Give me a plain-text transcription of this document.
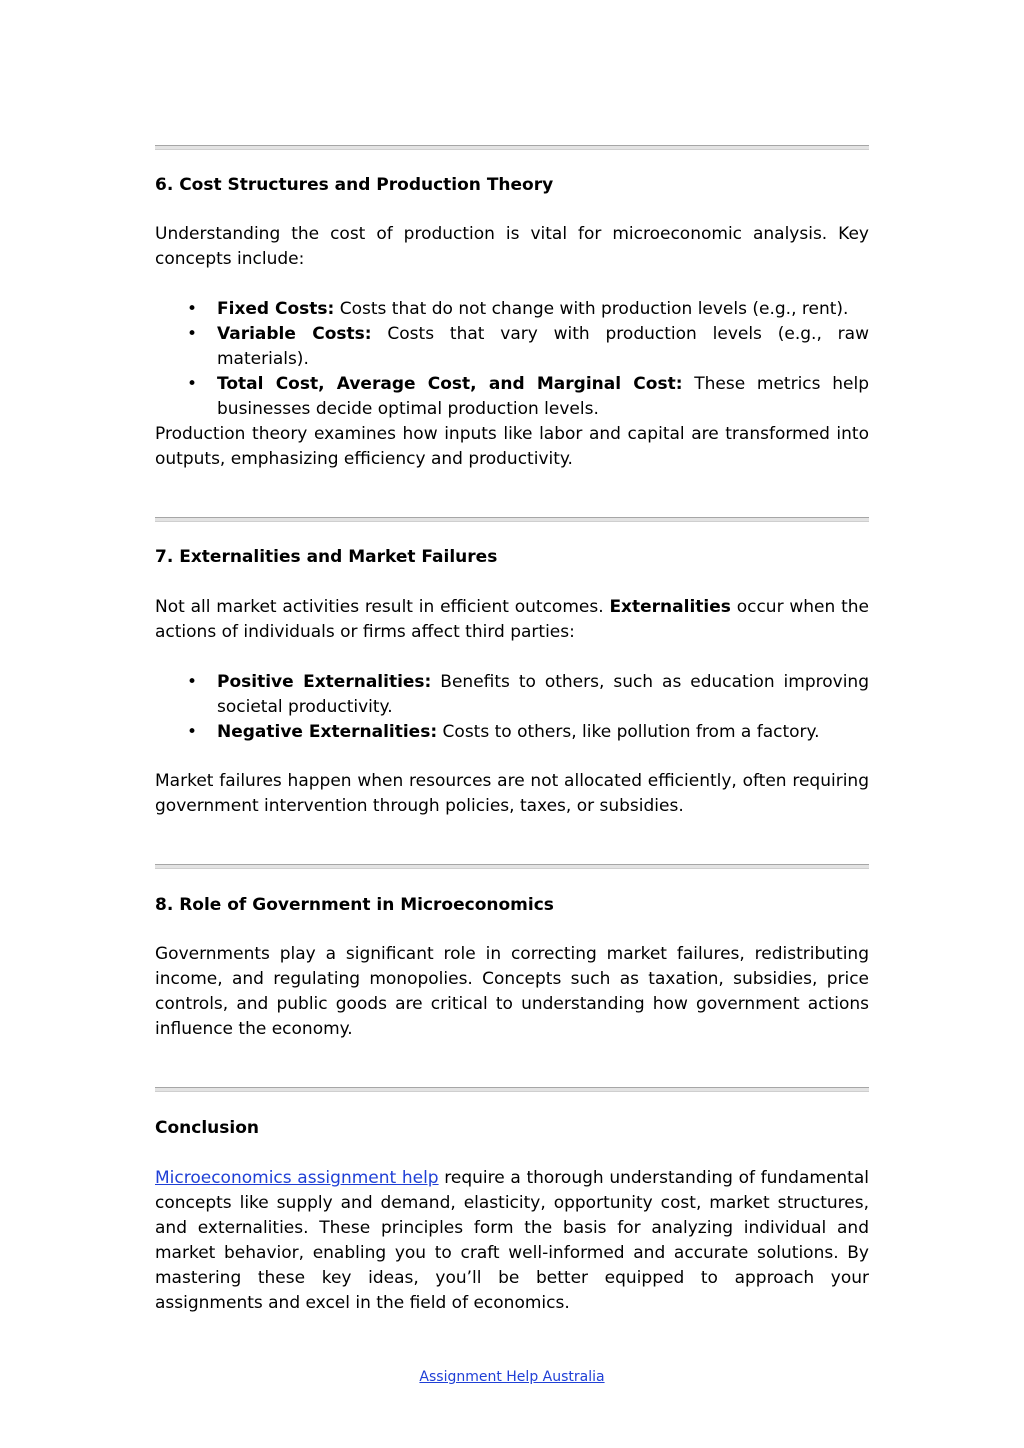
6. Cost Structures and Production Theory

Understanding the cost of production is vital for microeconomic analysis. Key concepts include:

• Fixed Costs: Costs that do not change with production levels (e.g., rent).
• Variable Costs: Costs that vary with production levels (e.g., raw materials).
• Total Cost, Average Cost, and Marginal Cost: These metrics help businesses decide optimal production levels.

Production theory examines how inputs like labor and capital are transformed into outputs, emphasizing efficiency and productivity.

7. Externalities and Market Failures

Not all market activities result in efficient outcomes. Externalities occur when the actions of individuals or firms affect third parties:

• Positive Externalities: Benefits to others, such as education improving societal productivity.
• Negative Externalities: Costs to others, like pollution from a factory.

Market failures happen when resources are not allocated efficiently, often requiring government intervention through policies, taxes, or subsidies.

8. Role of Government in Microeconomics

Governments play a significant role in correcting market failures, redistributing income, and regulating monopolies. Concepts such as taxation, subsidies, price controls, and public goods are critical to understanding how government actions influence the economy.

Conclusion

Microeconomics assignment help require a thorough understanding of fundamental concepts like supply and demand, elasticity, opportunity cost, market structures, and externalities. These principles form the basis for analyzing individual and market behavior, enabling you to craft well-informed and accurate solutions. By mastering these key ideas, you’ll be better equipped to approach your assignments and excel in the field of economics.

Assignment Help Australia
